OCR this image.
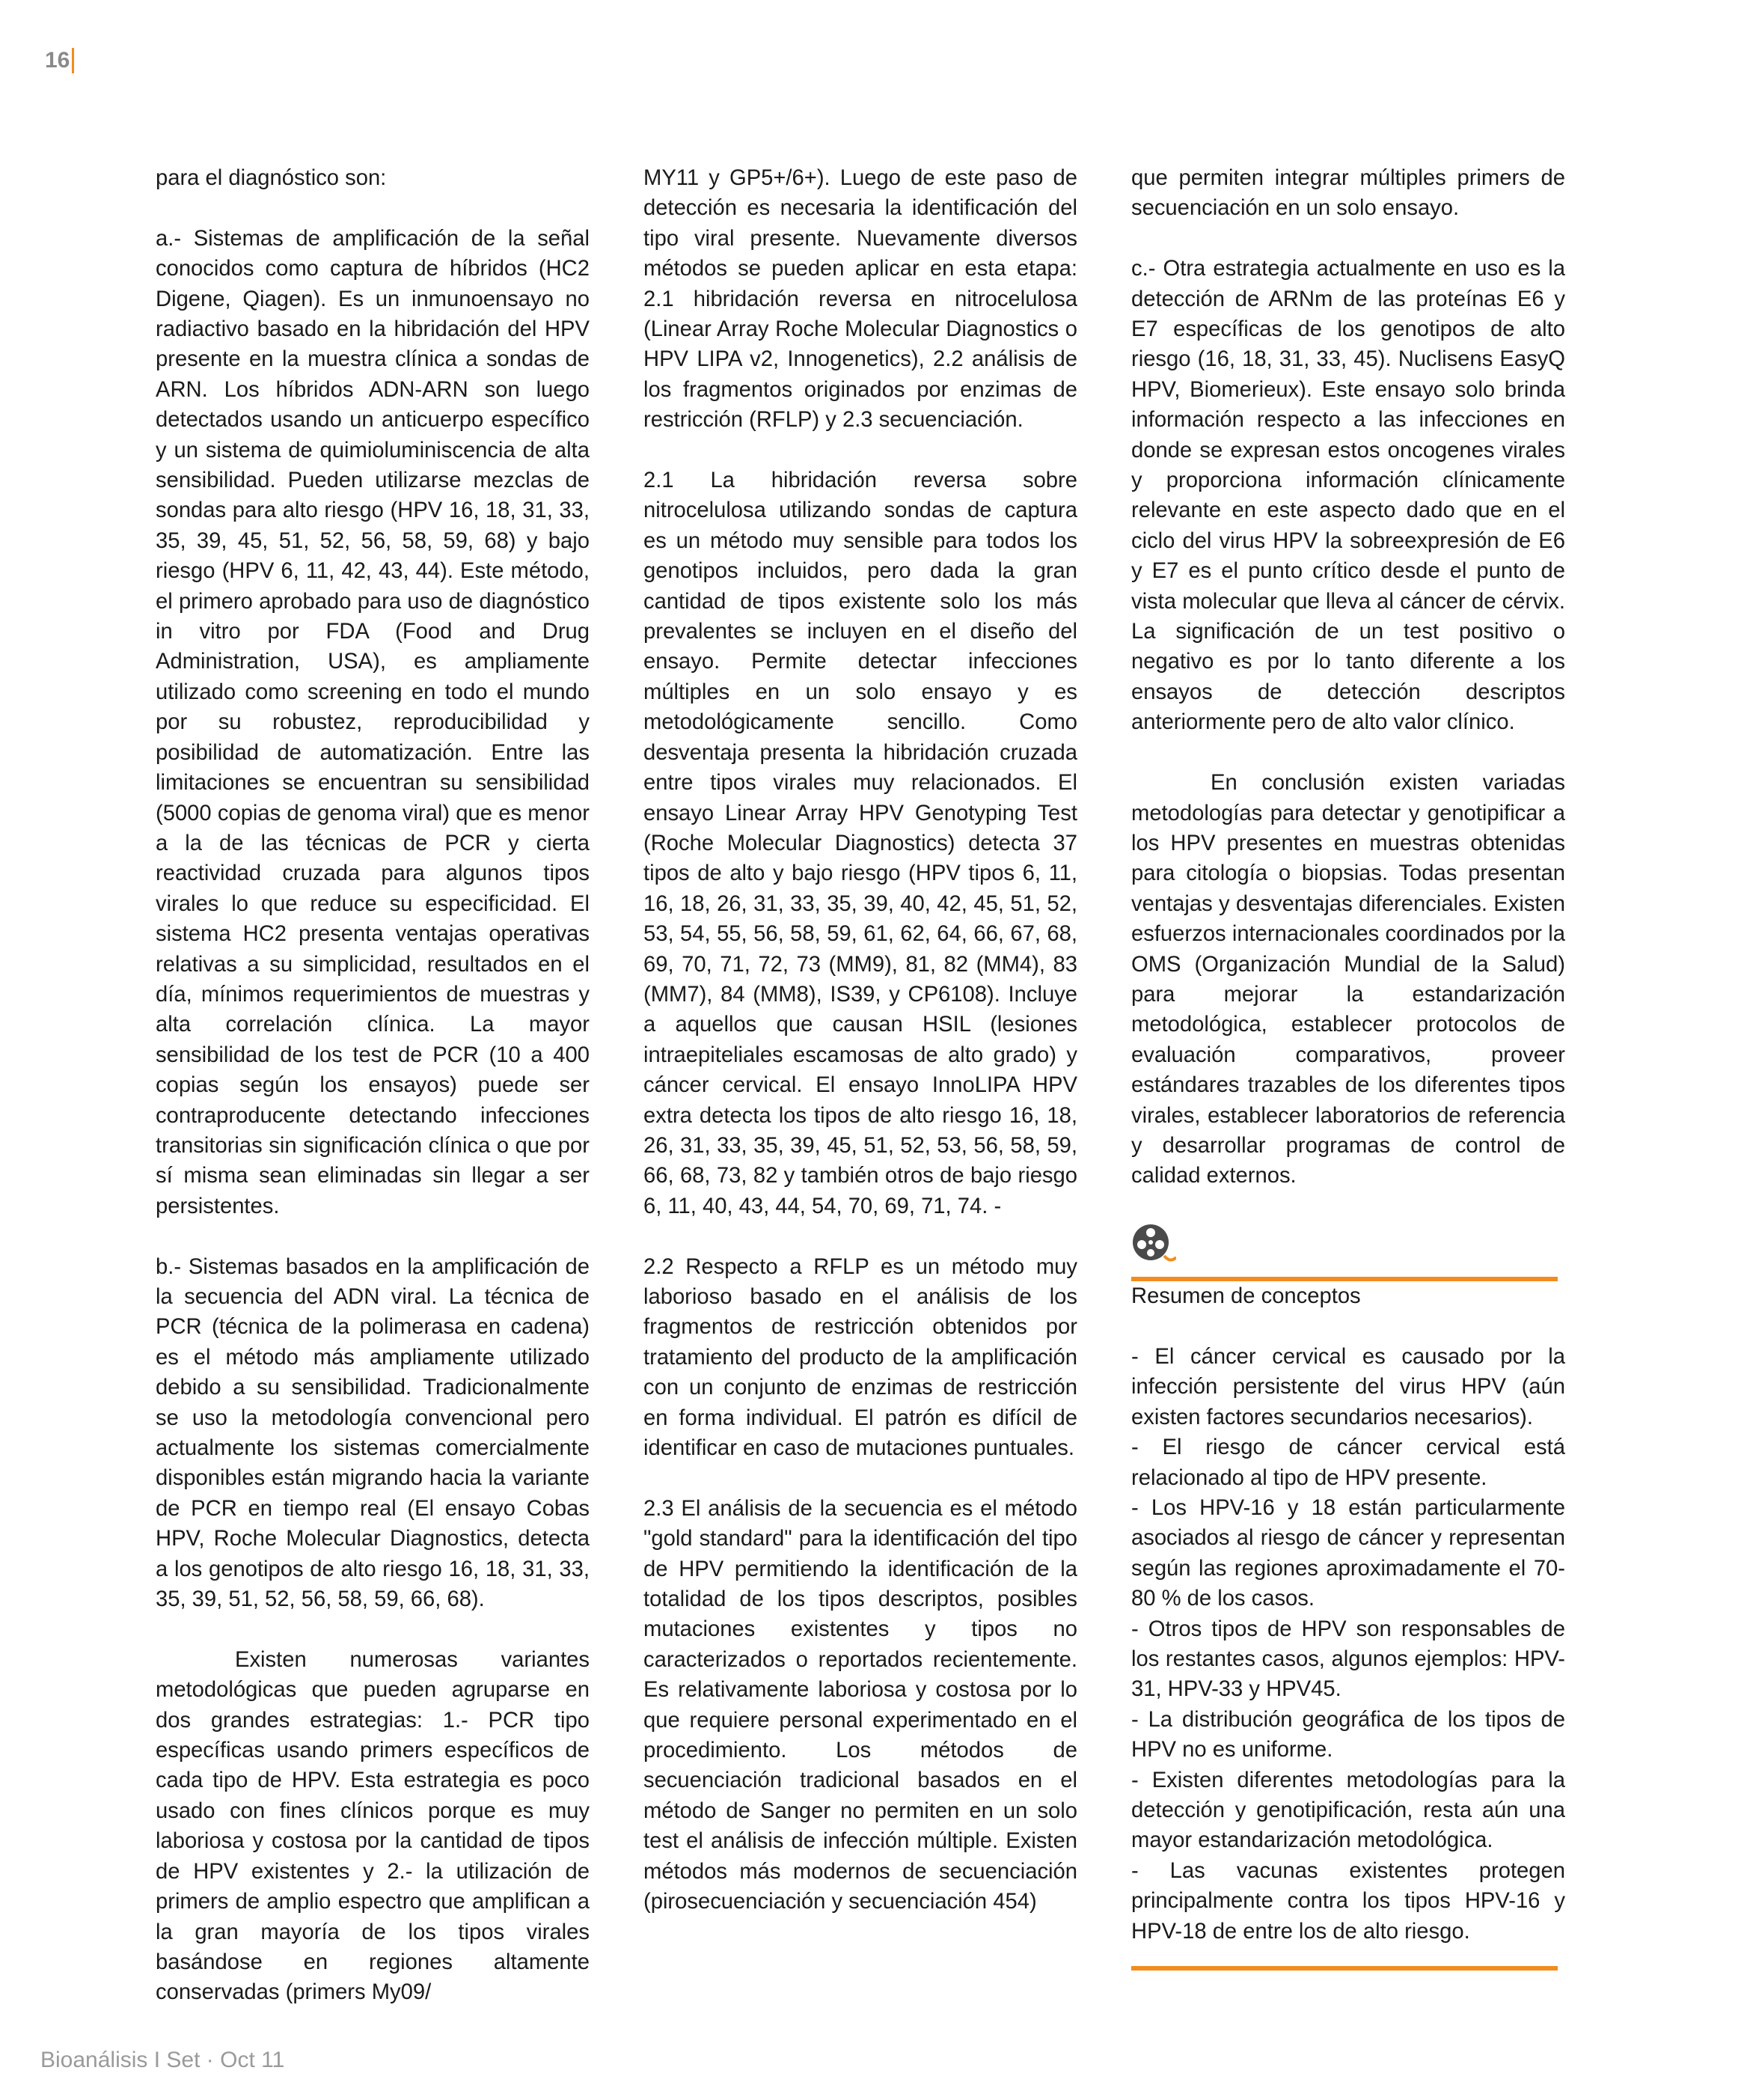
16

para el diagnóstico son:

a.- Sistemas de amplificación de la señal conocidos como captura de híbridos (HC2 Digene, Qiagen). Es un inmunoensayo no radiactivo basado en la hibridación del HPV presente en la muestra clínica a sondas de ARN. Los híbridos ADN-ARN son luego detectados usando un anticuerpo específico y un sistema de quimioluminiscencia de alta sensibilidad. Pueden utilizarse mezclas de sondas para alto riesgo (HPV 16, 18, 31, 33, 35, 39, 45, 51, 52, 56, 58, 59, 68) y bajo riesgo (HPV 6, 11, 42, 43, 44). Este método, el primero aprobado para uso de diagnóstico in vitro por FDA (Food and Drug Administration, USA), es ampliamente utilizado como screening en todo el mundo por su robustez, reproducibilidad y posibilidad de automatización. Entre las limitaciones se encuentran su sensibilidad (5000 copias de genoma viral) que es menor a la de las técnicas de PCR y cierta reactividad cruzada para algunos tipos virales lo que reduce su especificidad. El sistema HC2 presenta ventajas operativas relativas a su simplicidad, resultados en el día, mínimos requerimientos de muestras y alta correlación clínica. La mayor sensibilidad de los test de PCR (10 a 400 copias según los ensayos) puede ser contraproducente detectando infecciones transitorias sin significación clínica o que por sí misma sean eliminadas sin llegar a ser persistentes.

b.- Sistemas basados en la amplificación de la secuencia del ADN viral. La técnica de PCR (técnica de la polimerasa en cadena) es el método más ampliamente utilizado debido a su sensibilidad. Tradicionalmente se uso la metodología convencional pero actualmente los sistemas comercialmente disponibles están migrando hacia la variante de PCR en tiempo real (El ensayo Cobas HPV, Roche Molecular Diagnostics, detecta a los genotipos de alto riesgo 16, 18, 31, 33, 35, 39, 51, 52, 56, 58, 59, 66, 68).

Existen numerosas variantes metodológicas que pueden agruparse en dos grandes estrategias: 1.- PCR tipo específicas usando primers específicos de cada tipo de HPV. Esta estrategia es poco usado con fines clínicos porque es muy laboriosa y costosa por la cantidad de tipos de HPV existentes y 2.- la utilización de primers de amplio espectro que amplifican a la gran mayoría de los tipos virales basándose en regiones altamente conservadas (primers My09/

MY11 y GP5+/6+). Luego de este paso de detección es necesaria la identificación del tipo viral presente. Nuevamente diversos métodos se pueden aplicar en esta etapa: 2.1 hibridación reversa en nitrocelulosa (Linear Array Roche Molecular Diagnostics o HPV LIPA v2, Innogenetics), 2.2 análisis de los fragmentos originados por enzimas de restricción (RFLP) y 2.3 secuenciación.

2.1 La hibridación reversa sobre nitrocelulosa utilizando sondas de captura es un método muy sensible para todos los genotipos incluidos, pero dada la gran cantidad de tipos existente solo los más prevalentes se incluyen en el diseño del ensayo. Permite detectar infecciones múltiples en un solo ensayo y es metodológicamente sencillo. Como desventaja presenta la hibridación cruzada entre tipos virales muy relacionados. El ensayo Linear Array HPV Genotyping Test (Roche Molecular Diagnostics) detecta 37 tipos de alto y bajo riesgo (HPV tipos 6, 11, 16, 18, 26, 31, 33, 35, 39, 40, 42, 45, 51, 52, 53, 54, 55, 56, 58, 59, 61, 62, 64, 66, 67, 68, 69, 70, 71, 72, 73 (MM9), 81, 82 (MM4), 83 (MM7), 84 (MM8), IS39, y CP6108). Incluye a aquellos que causan HSIL (lesiones intraepiteliales escamosas de alto grado) y cáncer cervical. El ensayo InnoLIPA HPV extra detecta los tipos de alto riesgo 16, 18, 26, 31, 33, 35, 39, 45, 51, 52, 53, 56, 58, 59, 66, 68, 73, 82 y también otros de bajo riesgo 6, 11, 40, 43, 44, 54, 70, 69, 71, 74. -

2.2 Respecto a RFLP es un método muy laborioso basado en el análisis de los fragmentos de restricción obtenidos por tratamiento del producto de la amplificación con un conjunto de enzimas de restricción en forma individual. El patrón es difícil de identificar en caso de mutaciones puntuales.

2.3 El análisis de la secuencia es el método "gold standard" para la identificación del tipo de HPV permitiendo la identificación de la totalidad de los tipos descriptos, posibles mutaciones existentes y tipos no caracterizados o reportados recientemente. Es relativamente laboriosa y costosa por lo que requiere personal experimentado en el procedimiento. Los métodos de secuenciación tradicional basados en el método de Sanger no permiten en un solo test el análisis de infección múltiple. Existen métodos más modernos de secuenciación (pirosecuenciación y secuenciación 454)

que permiten integrar múltiples primers de secuenciación en un solo ensayo.

c.- Otra estrategia actualmente en uso es la detección de ARNm de las proteínas E6 y E7 específicas de los genotipos de alto riesgo (16, 18, 31, 33, 45). Nuclisens EasyQ HPV, Biomerieux). Este ensayo solo brinda información respecto a las infecciones en donde se expresan estos oncogenes virales y proporciona información clínicamente relevante en este aspecto dado que en el ciclo del virus HPV la sobreexpresión de E6 y E7 es el punto crítico desde el punto de vista molecular que lleva al cáncer de cérvix. La significación de un test positivo o negativo es por lo tanto diferente a los ensayos de detección descriptos anteriormente pero de alto valor clínico.

En conclusión existen variadas metodologías para detectar y genotipificar a los HPV presentes en muestras obtenidas para citología o biopsias. Todas presentan ventajas y desventajas diferenciales. Existen esfuerzos internacionales coordinados por la OMS (Organización Mundial de la Salud) para mejorar la estandarización metodológica, establecer protocolos de evaluación comparativos, proveer estándares trazables de los diferentes tipos virales, establecer laboratorios de referencia y desarrollar programas de control de calidad externos.

Resumen de conceptos

- El cáncer cervical es causado por la infección persistente del virus HPV (aún existen factores secundarios necesarios).
- El riesgo de cáncer cervical está relacionado al tipo de HPV presente.
- Los HPV-16 y 18 están particularmente asociados al riesgo de cáncer y representan según las regiones aproximadamente el 70-80 % de los casos.
- Otros tipos de HPV son responsables de los restantes casos, algunos ejemplos: HPV-31, HPV-33 y HPV45.
- La distribución geográfica de los tipos de HPV no es uniforme.
- Existen diferentes metodologías para la detección y genotipificación, resta aún una mayor estandarización metodológica.
- Las vacunas existentes protegen principalmente contra los tipos HPV-16 y HPV-18 de entre los de alto riesgo.
Bioanálisis I Set · Oct 11
